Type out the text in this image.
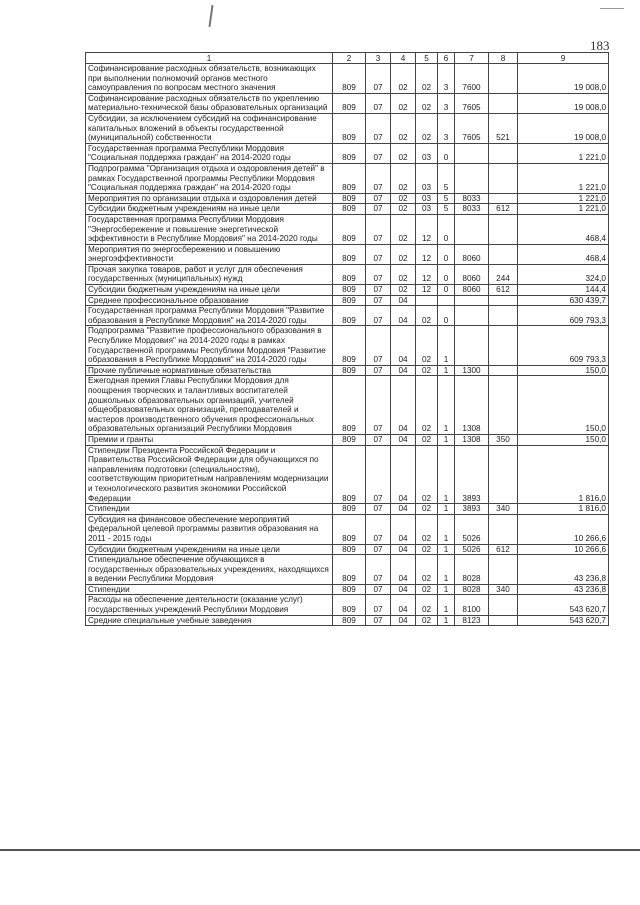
183
1	2	3	4	5	6	7	8	9
Софинансирование расходных обязательств, возникающих при выполнении полномочий органов местного самоуправления по вопросам местного значения	809	07	02	02	3	7600		19 008,0
Софинансирование расходных обязательств по укреплению материально-технической базы образовательных организаций	809	07	02	02	3	7605		19 008,0
Субсидии, за исключением субсидий на софинансирование капитальных вложений в объекты государственной (муниципальной) собственности	809	07	02	02	3	7605	521	19 008,0
Государственная программа Республики Мордовия "Социальная поддержка граждан" на 2014-2020 годы	809	07	02	03	0			1 221,0
Подпрограмма "Организация отдыха и оздоровления детей" в рамках Государственной программы Республики Мордовия "Социальная поддержка граждан" на 2014-2020 годы	809	07	02	03	5			1 221,0
Мероприятия по организации отдыха и оздоровления детей	809	07	02	03	5	8033		1 221,0
Субсидии бюджетным учреждениям на иные цели	809	07	02	03	5	8033	612	1 221,0
Государственная программа Республики Мордовия "Энергосбережение и повышение энергетической эффективности в Республике Мордовия" на 2014-2020 годы	809	07	02	12	0			468,4
Мероприятия по энергосбережению и повышению энергоэффективности	809	07	02	12	0	8060		468,4
Прочая закупка товаров, работ и услуг для обеспечения государственных (муниципальных) нужд	809	07	02	12	0	8060	244	324,0
Субсидии бюджетным учреждениям на иные цели	809	07	02	12	0	8060	612	144,4
Среднее профессиональное образование	809	07	04					630 439,7
Государственная программа Республики Мордовия "Развитие образования в Республике Мордовия" на 2014-2020 годы	809	07	04	02	0			609 793,3
Подпрограмма "Развитие профессионального образования в Республике Мордовия" на 2014-2020 годы в рамках Государственной программы Республики Мордовия "Развитие образования в Республике Мордовия" на 2014-2020 годы	809	07	04	02	1			609 793,3
Прочие публичные нормативные обязательства	809	07	04	02	1	1300		150,0
Ежегодная премия Главы Республики Мордовия для поощрения творческих и талантливых воспитателей дошкольных образовательных организаций, учителей общеобразовательных организаций, преподавателей и мастеров производственного обучения профессиональных образовательных организаций Республики Мордовия	809	07	04	02	1	1308		150,0
Премии и гранты	809	07	04	02	1	1308	350	150,0
Стипендии Президента Российской Федерации и Правительства Российской Федерации для обучающихся по направлениям подготовки (специальностям), соответствующим приоритетным направлениям модернизации и технологического развития экономики Российской Федерации	809	07	04	02	1	3893		1 816,0
Стипендии	809	07	04	02	1	3893	340	1 816,0
Субсидия на финансовое обеспечение мероприятий федеральной целевой программы развития образования на 2011 - 2015 годы	809	07	04	02	1	5026		10 266,6
Субсидии бюджетным учреждениям на иные цели	809	07	04	02	1	5026	612	10 266,6
Стипендиальное обеспечение обучающихся в государственных образовательных учреждениях, находящихся в ведении Республики Мордовия	809	07	04	02	1	8028		43 236,8
Стипендии	809	07	04	02	1	8028	340	43 236,8
Расходы на обеспечение деятельности (оказание услуг) государственных учреждений Республики Мордовия	809	07	04	02	1	8100		543 620,7
Средние специальные учебные заведения	809	07	04	02	1	8123		543 620,7
